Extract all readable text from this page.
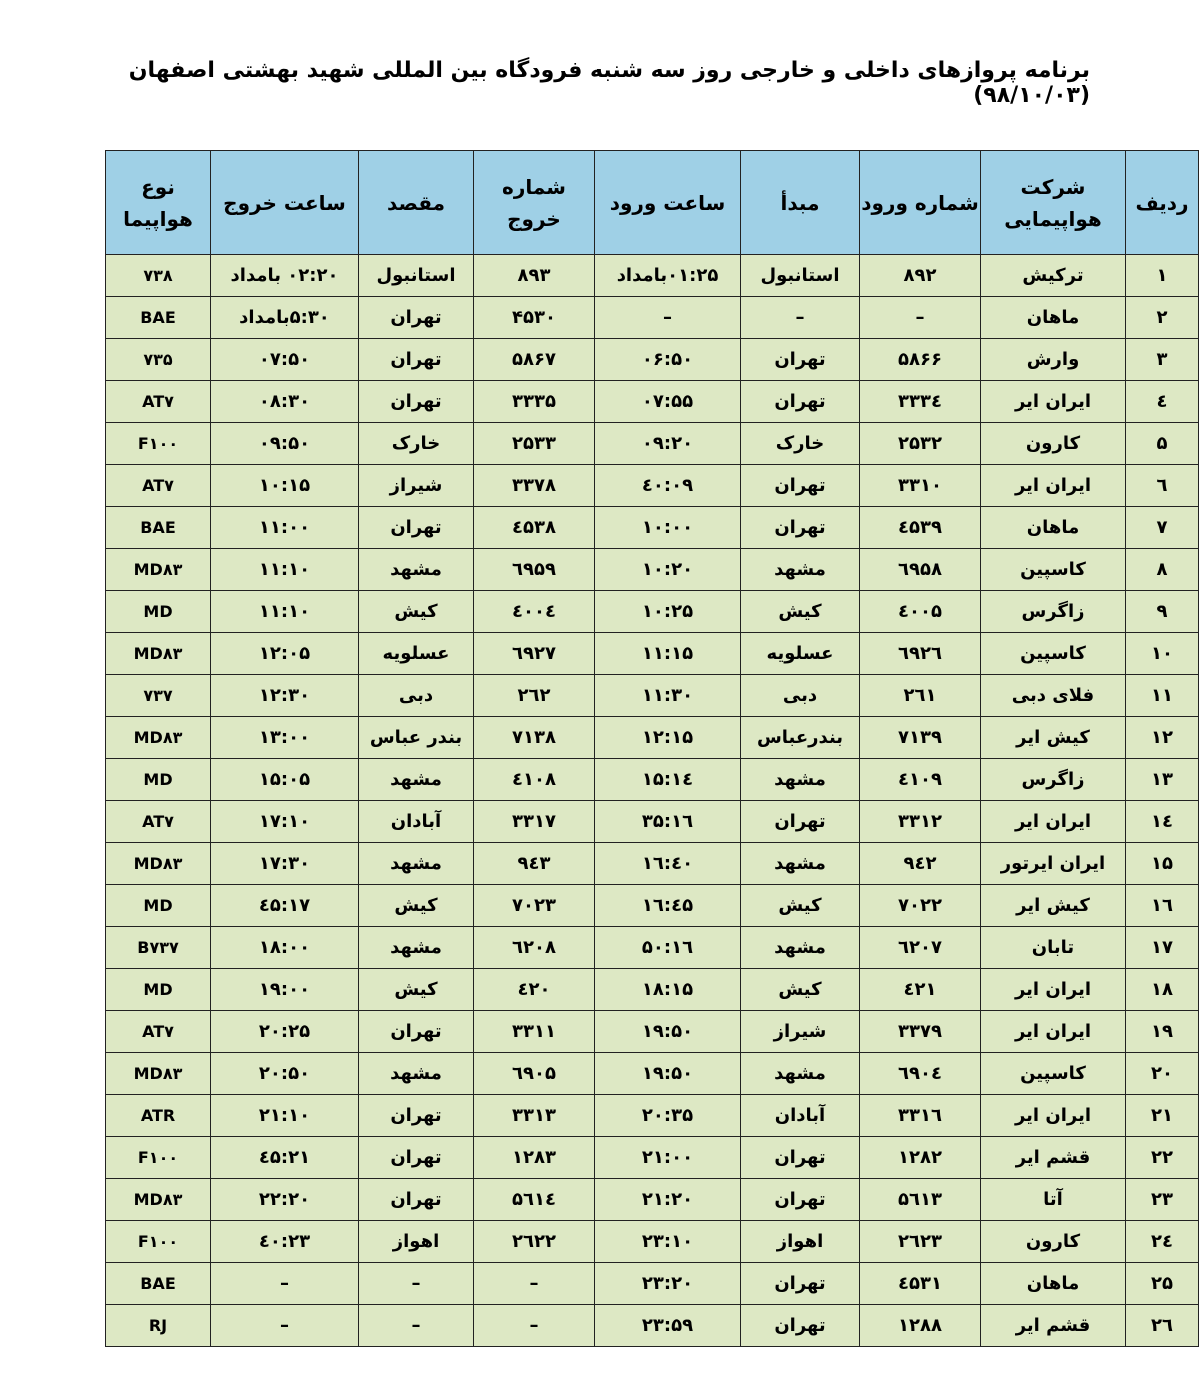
برنامه پروازهای داخلی و خارجی روز سه شنبه فرودگاه بین المللی شهید بهشتی اصفهان (۹۸/۱۰/۰۳)
ردیف	شرکت هواپیمایی	شماره ورود	مبدأ	ساعت ورود	شماره خروج	مقصد	ساعت خروج	نوع هواپیما
۱	ترکیش	۸۹۲	استانبول	۰۱:۲۵بامداد	۸۹۳	استانبول	۰۲:۲۰ بامداد	۷۳۸
۲	ماهان	–	–	–	۴۵۳۰	تهران	۵:۳۰بامداد	BAE
۳	وارش	۵۸۶۶	تهران	۰۶:۵۰	۵۸۶۷	تهران	۰۷:۵۰	۷۳۵
٤	ایران ایر	۳۳۳٤	تهران	۰۷:۵۵	۳۳۳۵	تهران	۰۸:۳۰	AT۷
۵	کارون	۲۵۳۲	خارک	۰۹:۲۰	۲۵۳۳	خارک	۰۹:۵۰	F۱۰۰
٦	ایران ایر	۳۳۱۰	تهران	۰۹:٤۰	۳۳۷۸	شیراز	۱۰:۱۵	AT۷
۷	ماهان	٤۵۳۹	تهران	۱۰:۰۰	٤۵۳۸	تهران	۱۱:۰۰	BAE
۸	کاسپین	٦۹۵۸	مشهد	۱۰:۲۰	٦۹۵۹	مشهد	۱۱:۱۰	MD۸۳
۹	زاگرس	٤۰۰۵	کیش	۱۰:۲۵	٤۰۰٤	کیش	۱۱:۱۰	MD
۱۰	کاسپین	٦۹۲٦	عسلویه	۱۱:۱۵	٦۹۲۷	عسلویه	۱۲:۰۵	MD۸۳
۱۱	فلای دبی	۲٦۱	دبی	۱۱:۳۰	۲٦۲	دبی	۱۲:۳۰	۷۳۷
۱۲	کیش ایر	۷۱۳۹	بندرعباس	۱۲:۱۵	۷۱۳۸	بندر عباس	۱۳:۰۰	MD۸۳
۱۳	زاگرس	٤۱۰۹	مشهد	۱٤:۱۵	٤۱۰۸	مشهد	۱۵:۰۵	MD
۱٤	ایران ایر	۳۳۱۲	تهران	۱٦:۳۵	۳۳۱۷	آبادان	۱۷:۱۰	AT۷
۱۵	ایران ایرتور	۹٤۲	مشهد	۱٦:٤۰	۹٤۳	مشهد	۱۷:۳۰	MD۸۳
۱٦	کیش ایر	۷۰۲۲	کیش	۱٦:٤۵	۷۰۲۳	کیش	۱۷:٤۵	MD
۱۷	تابان	٦۲۰۷	مشهد	۱٦:۵۰	٦۲۰۸	مشهد	۱۸:۰۰	B۷۳۷
۱۸	ایران ایر	٤۲۱	کیش	۱۸:۱۵	٤۲۰	کیش	۱۹:۰۰	MD
۱۹	ایران ایر	۳۳۷۹	شیراز	۱۹:۵۰	۳۳۱۱	تهران	۲۰:۲۵	AT۷
۲۰	کاسپین	٦۹۰٤	مشهد	۱۹:۵۰	٦۹۰۵	مشهد	۲۰:۵۰	MD۸۳
۲۱	ایران ایر	۳۳۱٦	آبادان	۲۰:۳۵	۳۳۱۳	تهران	۲۱:۱۰	ATR
۲۲	قشم ایر	۱۲۸۲	تهران	۲۱:۰۰	۱۲۸۳	تهران	۲۱:٤۵	F۱۰۰
۲۳	آتا	۵٦۱۳	تهران	۲۱:۲۰	۵٦۱٤	تهران	۲۲:۲۰	MD۸۳
۲٤	کارون	۲٦۲۳	اهواز	۲۳:۱۰	۲٦۲۲	اهواز	۲۳:٤۰	F۱۰۰
۲۵	ماهان	٤۵۳۱	تهران	۲۳:۲۰	–	–	–	BAE
۲٦	قشم ایر	۱۲۸۸	تهران	۲۳:۵۹	–	–	–	RJ
